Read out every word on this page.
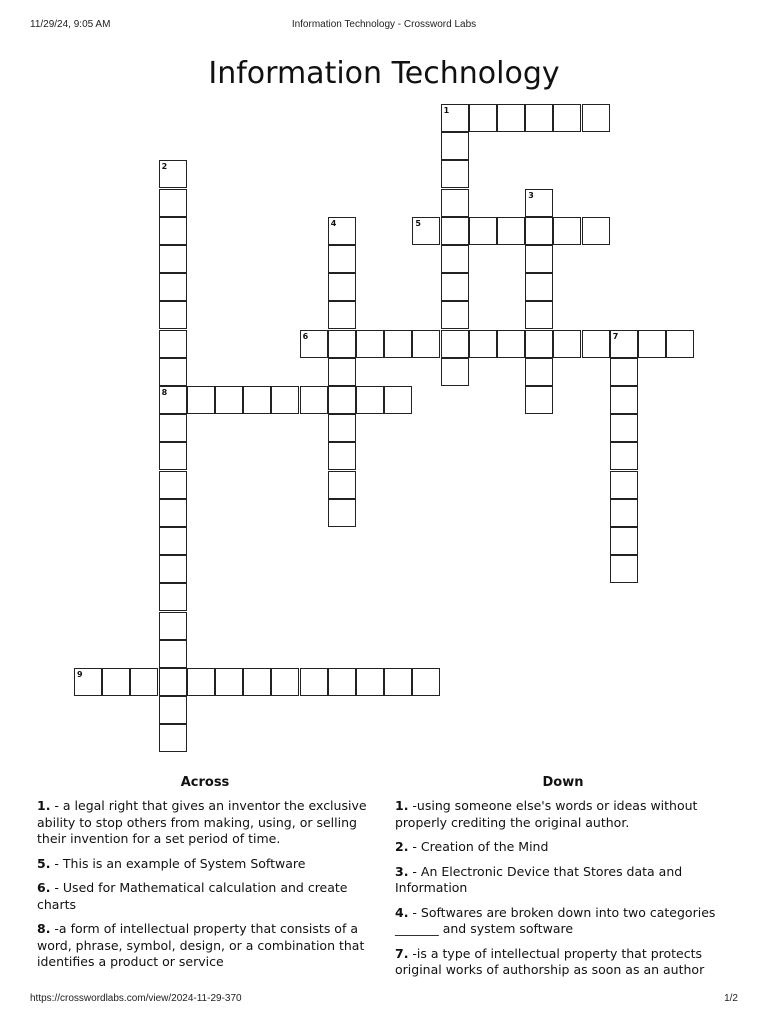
11/29/24, 9:05 AM	Information Technology - Crossword Labs
Information Technology
1
2
8
3
4	5
6	7
9
Across
1. - a legal right that gives an inventor the exclusive ability to stop others from making, using, or selling their invention for a set period of time.
5. - This is an example of System Software
6. - Used for Mathematical calculation and create charts
8. -a form of intellectual property that consists of a word, phrase, symbol, design, or a combination that identifies a product or service
Down
1. -using someone else's words or ideas without properly crediting the original author.
2. - Creation of the Mind
3. - An Electronic Device that Stores data and Information
4. - Softwares are broken down into two categories _______ and system software
7. -is a type of intellectual property that protects original works of authorship as soon as an author
https://crosswordlabs.com/view/2024-11-29-370	1/2
